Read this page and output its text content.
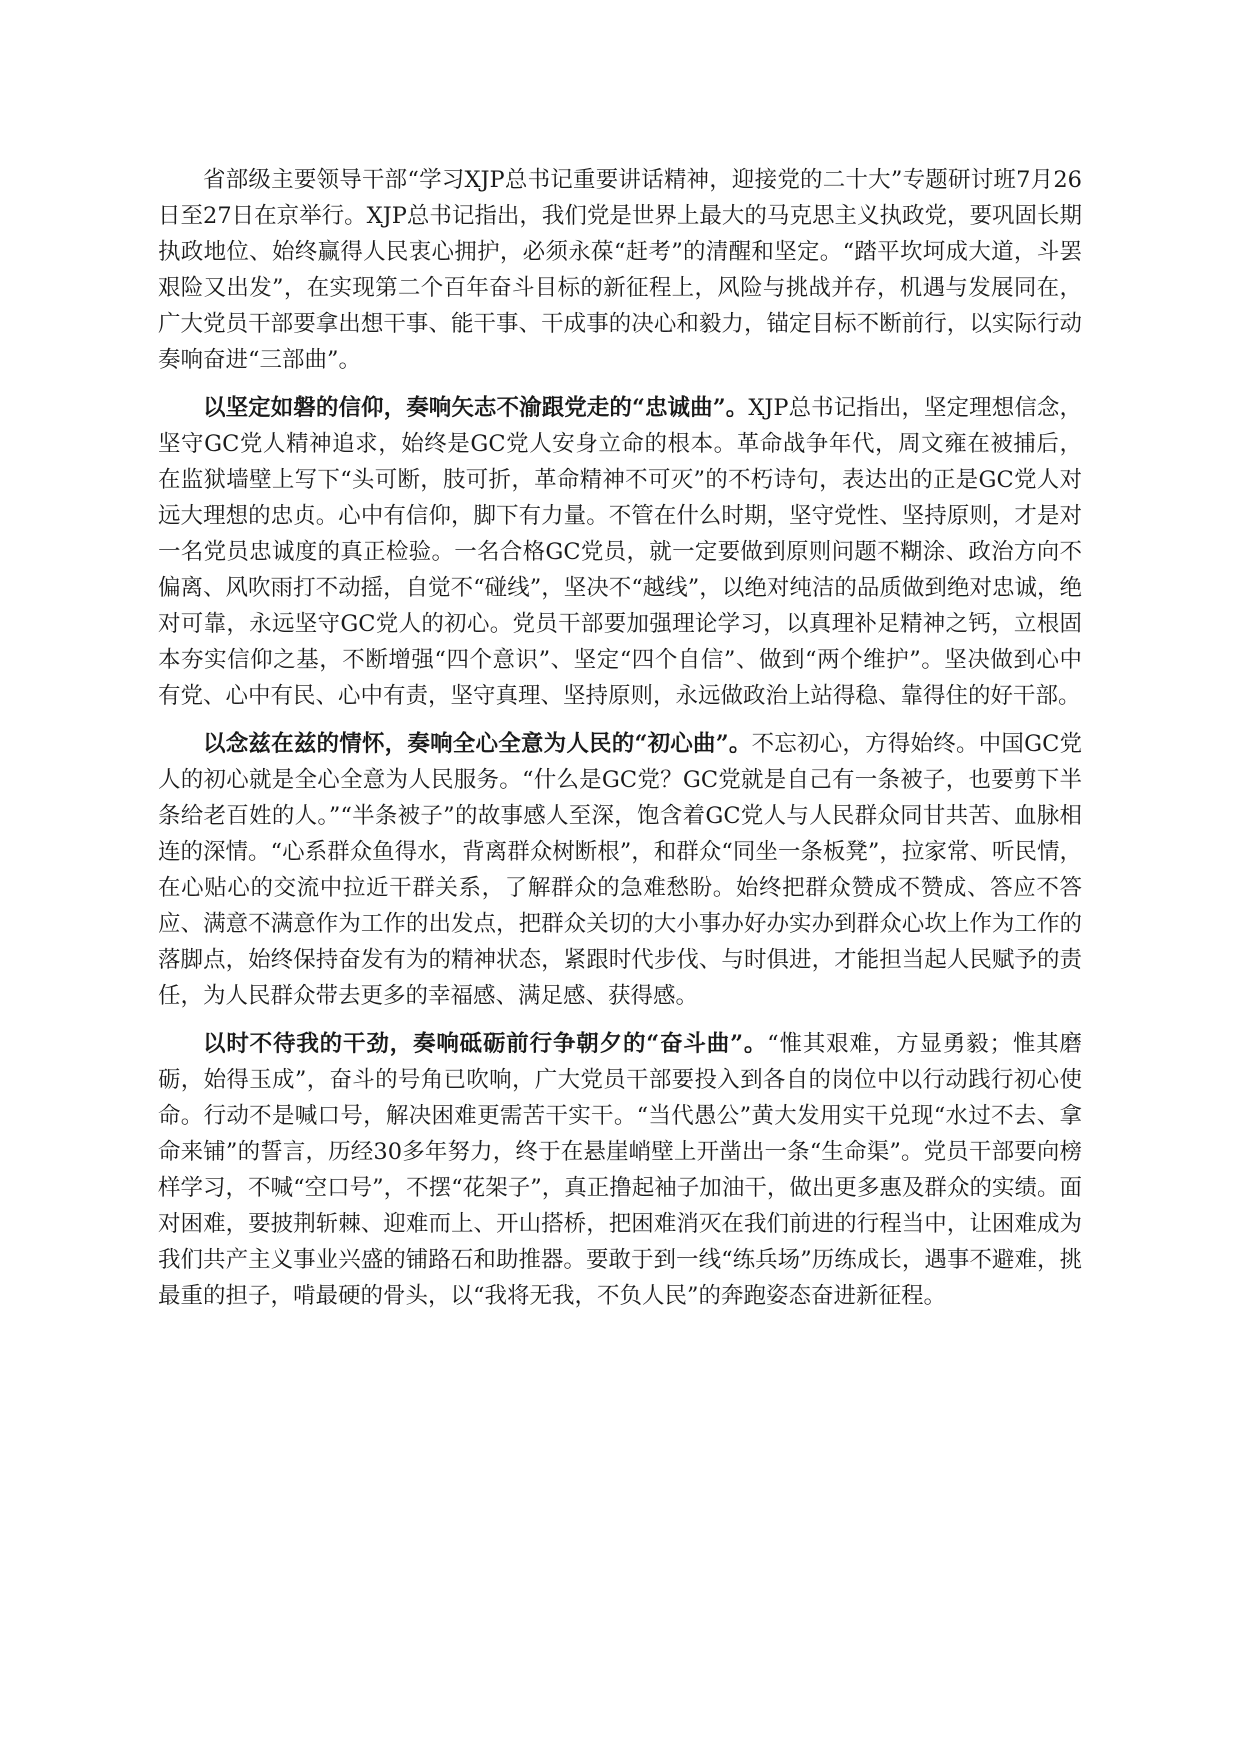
省部级主要领导干部“学习XJP总书记重要讲话精神，迎接党的二十大”专题研讨班7月26日至27日在京举行。XJP总书记指出，我们党是世界上最大的马克思主义执政党，要巩固长期执政地位、始终赢得人民衷心拥护，必须永葆“赶考”的清醒和坚定。“踏平坎坷成大道，斗罢艰险又出发”，在实现第二个百年奋斗目标的新征程上，风险与挑战并存，机遇与发展同在，广大党员干部要拿出想干事、能干事、干成事的决心和毅力，锚定目标不断前行，以实际行动奏响奋进“三部曲”。

以坚定如磐的信仰，奏响矢志不渝跟党走的“忠诚曲”。XJP总书记指出，坚定理想信念，坚守GC党人精神追求，始终是GC党人安身立命的根本。革命战争年代，周文雍在被捕后，在监狱墙壁上写下“头可断，肢可折，革命精神不可灭”的不朽诗句，表达出的正是GC党人对远大理想的忠贞。心中有信仰，脚下有力量。不管在什么时期，坚守党性、坚持原则，才是对一名党员忠诚度的真正检验。一名合格GC党员，就一定要做到原则问题不糊涂、政治方向不偏离、风吹雨打不动摇，自觉不“碰线”，坚决不“越线”，以绝对纯洁的品质做到绝对忠诚，绝对可靠，永远坚守GC党人的初心。党员干部要加强理论学习，以真理补足精神之钙，立根固本夯实信仰之基，不断增强“四个意识”、坚定“四个自信”、做到“两个维护”。坚决做到心中有党、心中有民、心中有责，坚守真理、坚持原则，永远做政治上站得稳、靠得住的好干部。

以念兹在兹的情怀，奏响全心全意为人民的“初心曲”。不忘初心，方得始终。中国GC党人的初心就是全心全意为人民服务。“什么是GC党？GC党就是自己有一条被子，也要剪下半条给老百姓的人。”“半条被子”的故事感人至深，饱含着GC党人与人民群众同甘共苦、血脉相连的深情。“心系群众鱼得水，背离群众树断根”，和群众“同坐一条板凳”，拉家常、听民情，在心贴心的交流中拉近干群关系，了解群众的急难愁盼。始终把群众赞成不赞成、答应不答应、满意不满意作为工作的出发点，把群众关切的大小事办好办实办到群众心坎上作为工作的落脚点，始终保持奋发有为的精神状态，紧跟时代步伐、与时俱进，才能担当起人民赋予的责任，为人民群众带去更多的幸福感、满足感、获得感。

以时不待我的干劲，奏响砥砺前行争朝夕的“奋斗曲”。“惟其艰难，方显勇毅；惟其磨砺，始得玉成”，奋斗的号角已吹响，广大党员干部要投入到各自的岗位中以行动践行初心使命。行动不是喊口号，解决困难更需苦干实干。“当代愚公”黄大发用实干兑现“水过不去、拿命来铺”的誓言，历经30多年努力，终于在悬崖峭壁上开凿出一条“生命渠”。党员干部要向榜样学习，不喊“空口号”，不摆“花架子”，真正撸起袖子加油干，做出更多惠及群众的实绩。面对困难，要披荆斩棘、迎难而上、开山搭桥，把困难消灭在我们前进的行程当中，让困难成为我们共产主义事业兴盛的铺路石和助推器。要敢于到一线“练兵场”历练成长，遇事不避难，挑最重的担子，啃最硬的骨头，以“我将无我，不负人民”的奔跑姿态奋进新征程。
